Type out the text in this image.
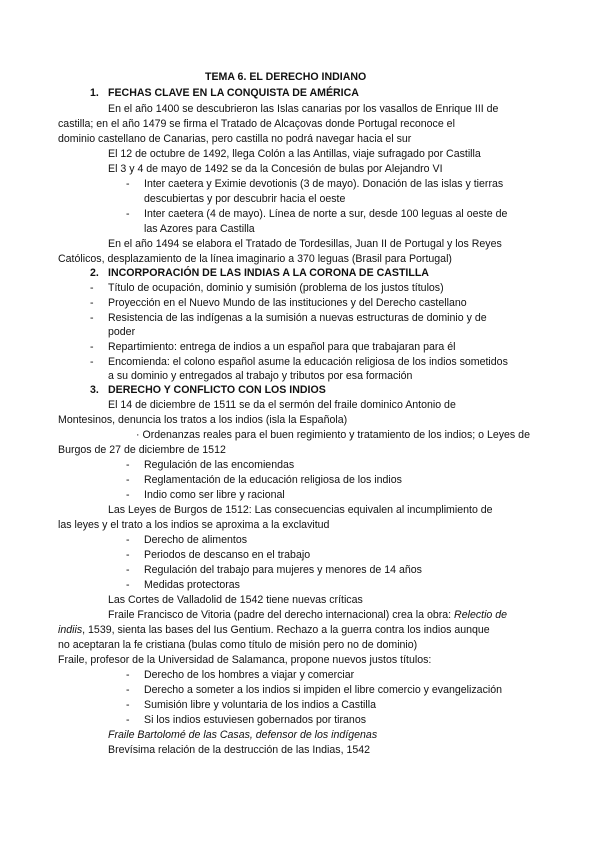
TEMA 6. EL DERECHO INDIANO
1. FECHAS CLAVE EN LA CONQUISTA DE AMÉRICA
En el año 1400 se descubrieron las Islas canarias por los vasallos de Enrique III de
castilla; en el año 1479 se firma el Tratado de Alcaçovas donde Portugal reconoce el
dominio castellano de Canarias, pero castilla no podrá navegar hacia el sur
El 12 de octubre de 1492, llega Colón a las Antillas, viaje sufragado por Castilla
El 3 y 4 de mayo de 1492 se da la Concesión de bulas por Alejandro VI
- Inter caetera y Eximie devotionis (3 de mayo). Donación de las islas y tierras
descubiertas y por descubrir hacia el oeste
- Inter caetera (4 de mayo). Línea de norte a sur, desde 100 leguas al oeste de
las Azores para Castilla
En el año 1494 se elabora el Tratado de Tordesillas, Juan II de Portugal y los Reyes
Católicos, desplazamiento de la línea imaginario a 370 leguas (Brasil para Portugal)
2. INCORPORACIÓN DE LAS INDIAS A LA CORONA DE CASTILLA
- Título de ocupación, dominio y sumisión (problema de los justos títulos)
- Proyección en el Nuevo Mundo de las instituciones y del Derecho castellano
- Resistencia de las indígenas a la sumisión a nuevas estructuras de dominio y de
poder
- Repartimiento: entrega de indios a un español para que trabajaran para él
- Encomienda: el colono español asume la educación religiosa de los indios sometidos
a su dominio y entregados al trabajo y tributos por esa formación
3. DERECHO Y CONFLICTO CON LOS INDIOS
El 14 de diciembre de 1511 se da el sermón del fraile dominico Antonio de
Montesinos, denuncia los tratos a los indios (isla la Española)
· Ordenanzas reales para el buen regimiento y tratamiento de los indios; o Leyes de
Burgos de 27 de diciembre de 1512
- Regulación de las encomiendas
- Reglamentación de la educación religiosa de los indios
- Indio como ser libre y racional
Las Leyes de Burgos de 1512: Las consecuencias equivalen al incumplimiento de
las leyes y el trato a los indios se aproxima a la exclavitud
- Derecho de alimentos
- Periodos de descanso en el trabajo
- Regulación del trabajo para mujeres y menores de 14 años
- Medidas protectoras
Las Cortes de Valladolid de 1542 tiene nuevas críticas
Fraile Francisco de Vitoria (padre del derecho internacional) crea la obra: Relectio de
indiis, 1539, sienta las bases del Ius Gentium. Rechazo a la guerra contra los indios aunque
no aceptaran la fe cristiana (bulas como título de misión pero no de dominio)
Fraile, profesor de la Universidad de Salamanca, propone nuevos justos títulos:
- Derecho de los hombres a viajar y comerciar
- Derecho a someter a los indios si impiden el libre comercio y evangelización
- Sumisión libre y voluntaria de los indios a Castilla
- Si los indios estuviesen gobernados por tiranos
Fraile Bartolomé de las Casas, defensor de los indígenas
Brevísima relación de la destrucción de las Indias, 1542
